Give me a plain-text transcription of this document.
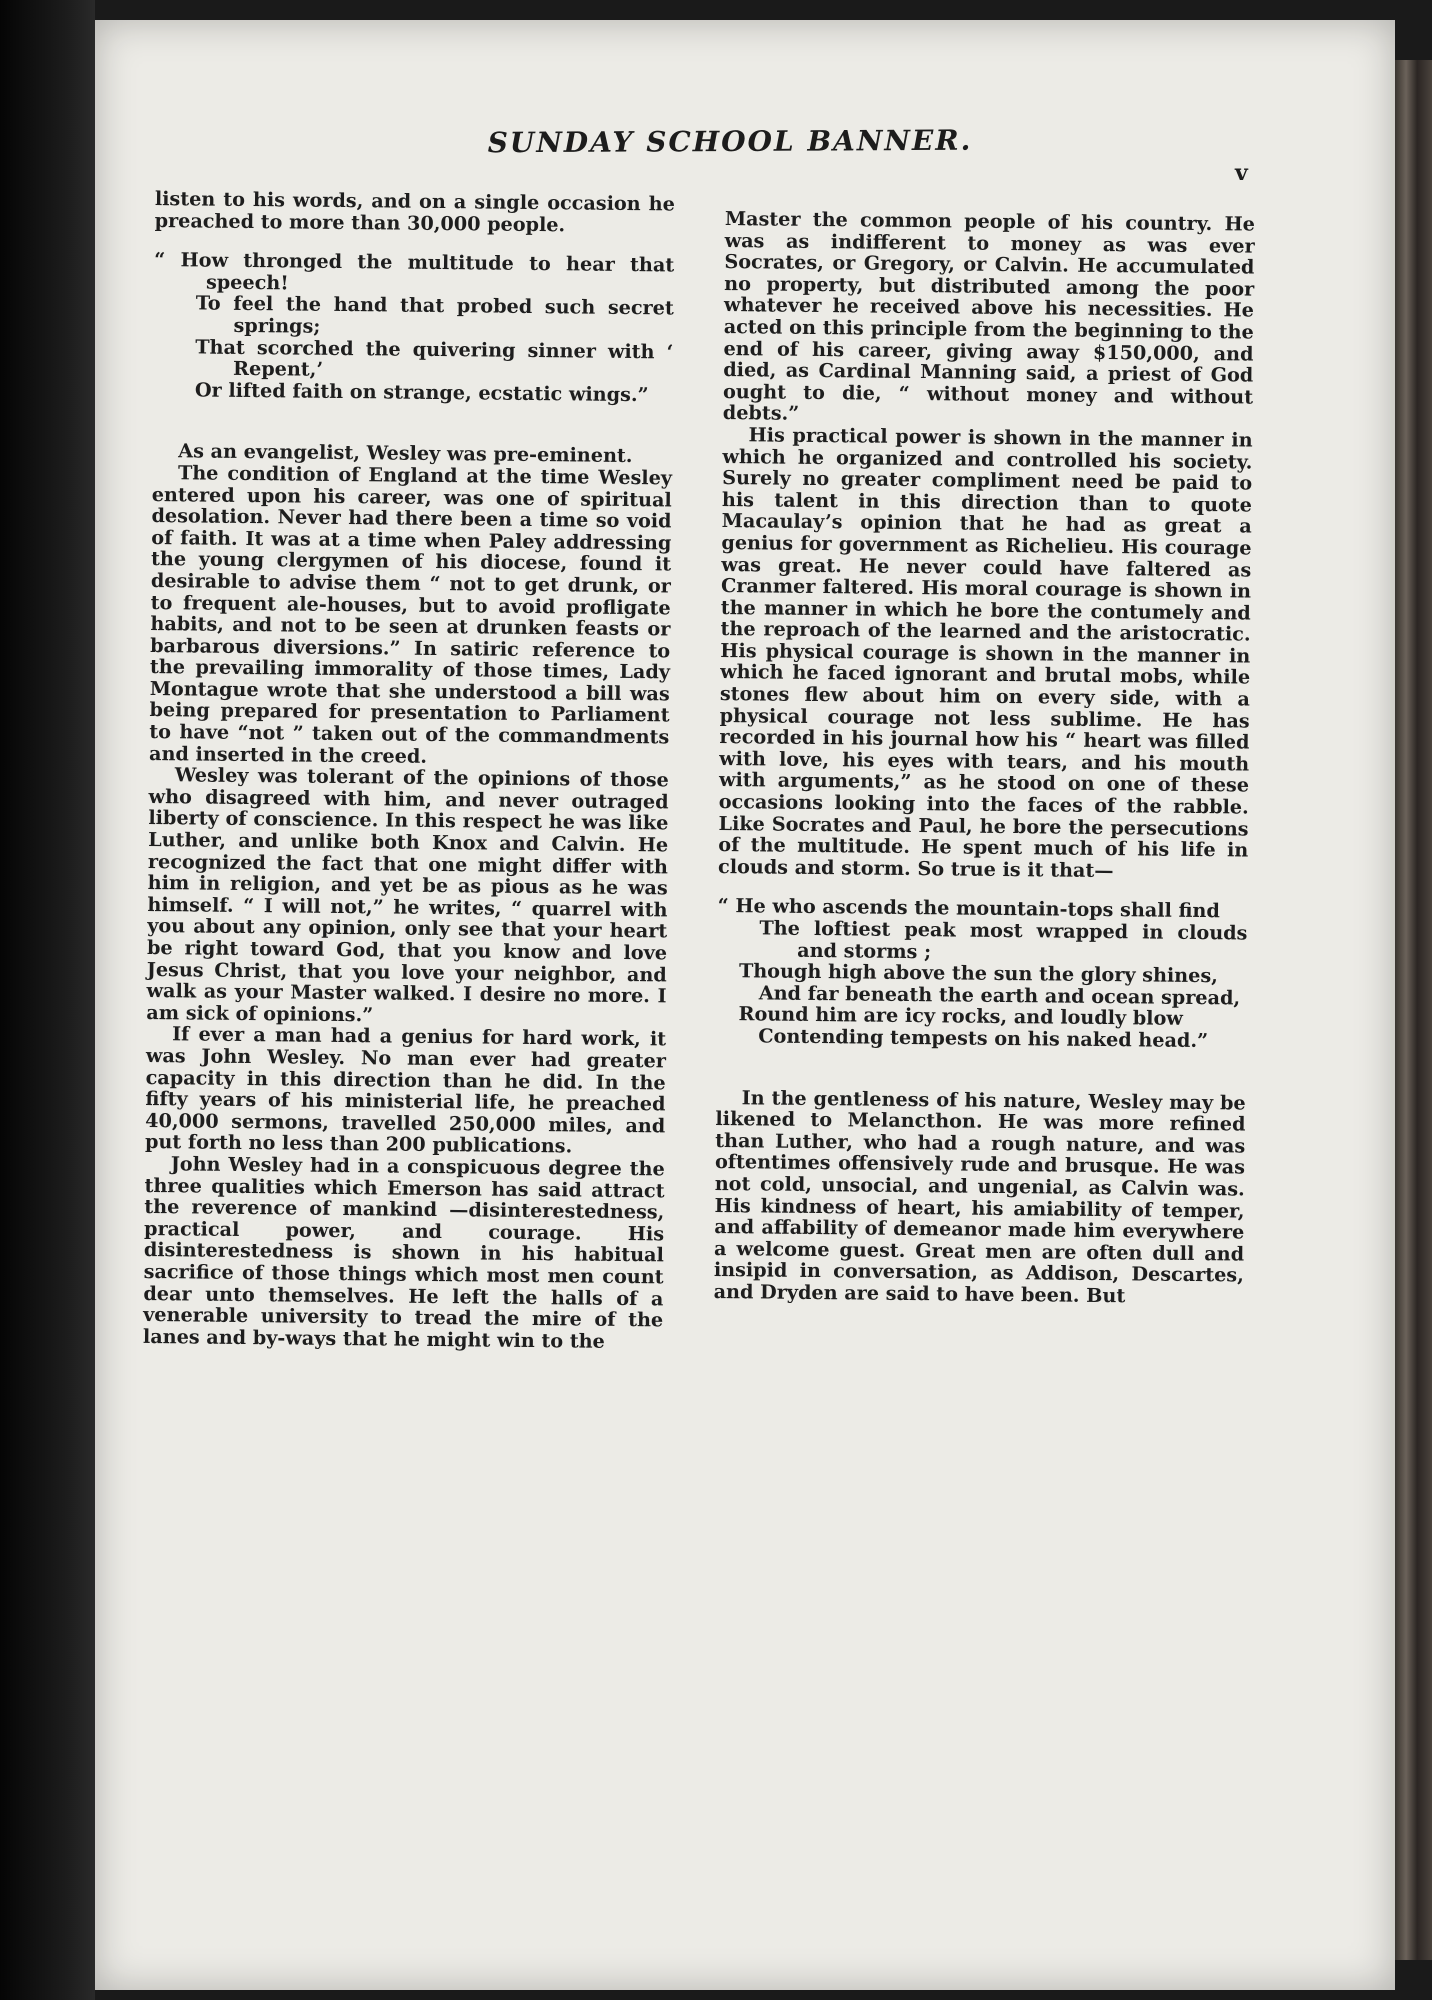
SUNDAY SCHOOL BANNER.
v

listen to his words, and on a single occasion he preached to more than 30,000 people.

“ How thronged the multitude to hear that speech!
To feel the hand that probed such secret springs;
That scorched the quivering sinner with ‘ Repent,’
Or lifted faith on strange, ecstatic wings.”

As an evangelist, Wesley was pre-eminent.

The condition of England at the time Wesley entered upon his career, was one of spiritual desolation. Never had there been a time so void of faith. It was at a time when Paley addressing the young clergymen of his diocese, found it desirable to advise them “ not to get drunk, or to frequent ale-houses, but to avoid profligate habits, and not to be seen at drunken feasts or barbarous diversions.” In satiric reference to the prevailing immorality of those times, Lady Montague wrote that she understood a bill was being prepared for presentation to Parliament to have “not ” taken out of the commandments and inserted in the creed.

Wesley was tolerant of the opinions of those who disagreed with him, and never outraged liberty of conscience. In this respect he was like Luther, and unlike both Knox and Calvin. He recognized the fact that one might differ with him in religion, and yet be as pious as he was himself. “ I will not,” he writes, “ quarrel with you about any opinion, only see that your heart be right toward God, that you know and love Jesus Christ, that you love your neighbor, and walk as your Master walked. I desire no more. I am sick of opinions.”

If ever a man had a genius for hard work, it was John Wesley. No man ever had greater capacity in this direction than he did. In the fifty years of his ministerial life, he preached 40,000 sermons, travelled 250,000 miles, and put forth no less than 200 publications.

John Wesley had in a conspicuous degree the three qualities which Emerson has said attract the reverence of mankind —disinterestedness, practical power, and courage. His disinterestedness is shown in his habitual sacrifice of those things which most men count dear unto themselves. He left the halls of a venerable university to tread the mire of the lanes and by-ways that he might win to the

Master the common people of his country. He was as indifferent to money as was ever Socrates, or Gregory, or Calvin. He accumulated no property, but distributed among the poor whatever he received above his necessities. He acted on this principle from the beginning to the end of his career, giving away $150,000, and died, as Cardinal Manning said, a priest of God ought to die, “ without money and without debts.”

His practical power is shown in the manner in which he organized and controlled his society. Surely no greater compliment need be paid to his talent in this direction than to quote Macaulay’s opinion that he had as great a genius for government as Richelieu. His courage was great. He never could have faltered as Cranmer faltered. His moral courage is shown in the manner in which he bore the contumely and the reproach of the learned and the aristocratic. His physical courage is shown in the manner in which he faced ignorant and brutal mobs, while stones flew about him on every side, with a physical courage not less sublime. He has recorded in his journal how his “ heart was filled with love, his eyes with tears, and his mouth with arguments,” as he stood on one of these occasions looking into the faces of the rabble. Like Socrates and Paul, he bore the persecutions of the multitude. He spent much of his life in clouds and storm. So true is it that—

“ He who ascends the mountain-tops shall find
The loftiest peak most wrapped in clouds and storms ;
Though high above the sun the glory shines,
And far beneath the earth and ocean spread,
Round him are icy rocks, and loudly blow
Contending tempests on his naked head.”

In the gentleness of his nature, Wesley may be likened to Melancthon. He was more refined than Luther, who had a rough nature, and was oftentimes offensively rude and brusque. He was not cold, unsocial, and ungenial, as Calvin was. His kindness of heart, his amiability of temper, and affability of demeanor made him everywhere a welcome guest. Great men are often dull and insipid in conversation, as Addison, Descartes, and Dryden are said to have been. But
